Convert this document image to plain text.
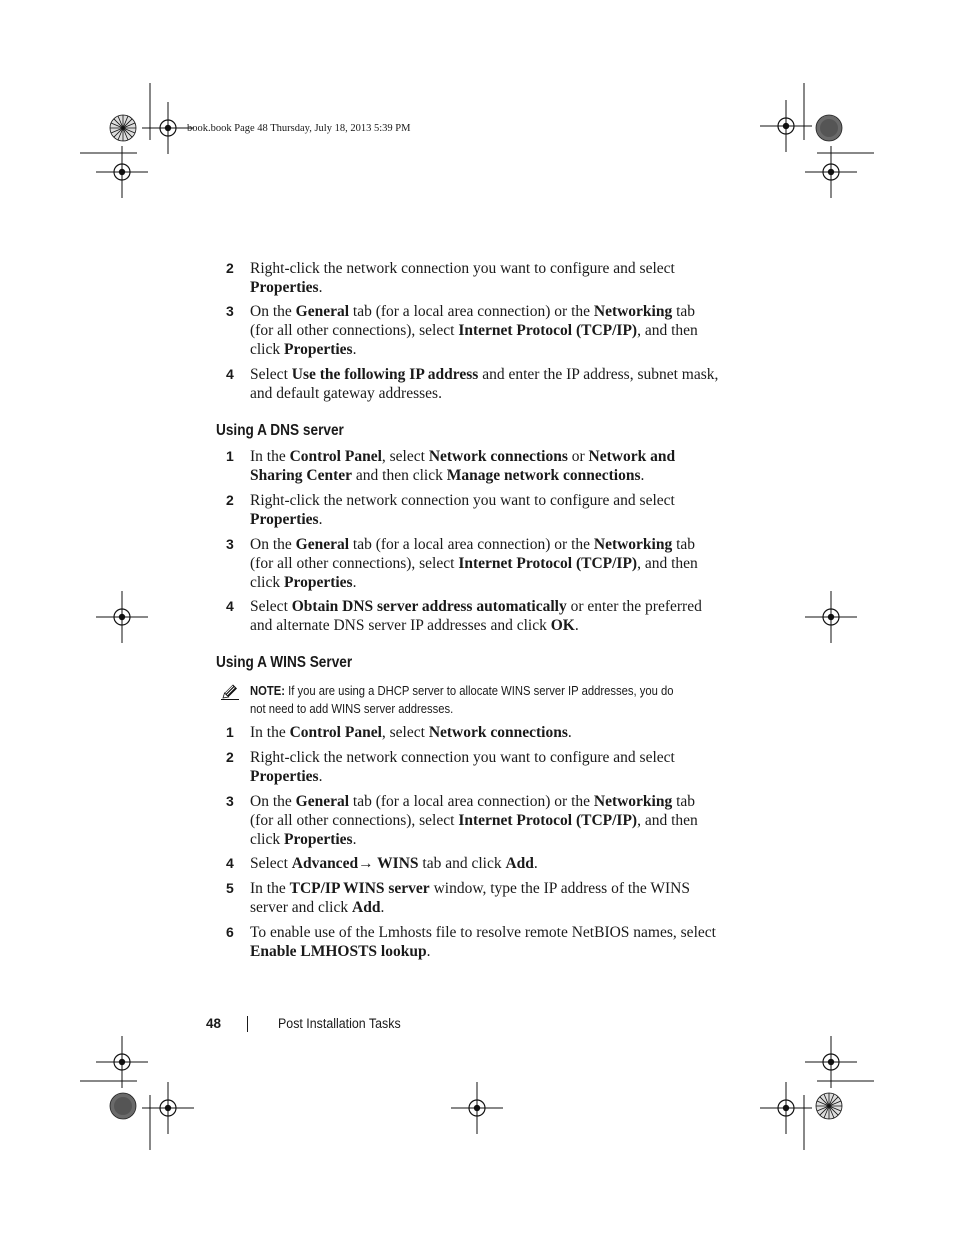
book.book Page 48 Thursday, July 18, 2013 5:39 PM
2 Right-click the network connection you want to configure and select Properties.
3 On the General tab (for a local area connection) or the Networking tab (for all other connections), select Internet Protocol (TCP/IP), and then click Properties.
4 Select Use the following IP address and enter the IP address, subnet mask, and default gateway addresses.
Using A DNS server
1 In the Control Panel, select Network connections or Network and Sharing Center and then click Manage network connections.
2 Right-click the network connection you want to configure and select Properties.
3 On the General tab (for a local area connection) or the Networking tab (for all other connections), select Internet Protocol (TCP/IP), and then click Properties.
4 Select Obtain DNS server address automatically or enter the preferred and alternate DNS server IP addresses and click OK.
Using A WINS Server
NOTE: If you are using a DHCP server to allocate WINS server IP addresses, you do not need to add WINS server addresses.
1 In the Control Panel, select Network connections.
2 Right-click the network connection you want to configure and select Properties.
3 On the General tab (for a local area connection) or the Networking tab (for all other connections), select Internet Protocol (TCP/IP), and then click Properties.
4 Select Advanced→ WINS tab and click Add.
5 In the TCP/IP WINS server window, type the IP address of the WINS server and click Add.
6 To enable use of the Lmhosts file to resolve remote NetBIOS names, select Enable LMHOSTS lookup.
48	Post Installation Tasks
